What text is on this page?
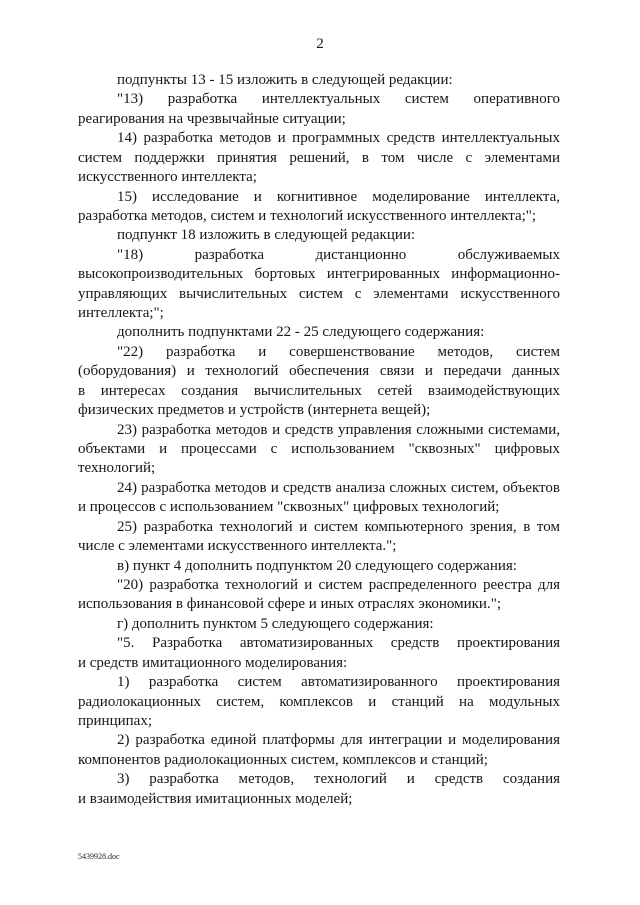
2
подпункты 13 - 15 изложить в следующей редакции:
"13) разработка интеллектуальных систем оперативного
реагирования на чрезвычайные ситуации;
14) разработка методов и программных средств интеллектуальных
систем поддержки принятия решений, в том числе с элементами
искусственного интеллекта;
15) исследование и когнитивное моделирование интеллекта,
разработка методов, систем и технологий искусственного интеллекта;";
подпункт 18 изложить в следующей редакции:
"18) разработка дистанционно обслуживаемых
высокопроизводительных бортовых интегрированных информационно-
управляющих вычислительных систем с элементами искусственного
интеллекта;";
дополнить подпунктами 22 - 25 следующего содержания:
"22) разработка и совершенствование методов, систем
(оборудования) и технологий обеспечения связи и передачи данных
в интересах создания вычислительных сетей взаимодействующих
физических предметов и устройств (интернета вещей);
23) разработка методов и средств управления сложными системами,
объектами и процессами с использованием "сквозных" цифровых
технологий;
24) разработка методов и средств анализа сложных систем, объектов
и процессов с использованием "сквозных" цифровых технологий;
25) разработка технологий и систем компьютерного зрения, в том
числе с элементами искусственного интеллекта.";
в) пункт 4 дополнить подпунктом 20 следующего содержания:
"20) разработка технологий и систем распределенного реестра для
использования в финансовой сфере и иных отраслях экономики.";
г) дополнить пунктом 5 следующего содержания:
"5. Разработка автоматизированных средств проектирования
и средств имитационного моделирования:
1) разработка систем автоматизированного проектирования
радиолокационных систем, комплексов и станций на модульных
принципах;
2) разработка единой платформы для интеграции и моделирования
компонентов радиолокационных систем, комплексов и станций;
3) разработка методов, технологий и средств создания
и взаимодействия имитационных моделей;
5439928.doc
